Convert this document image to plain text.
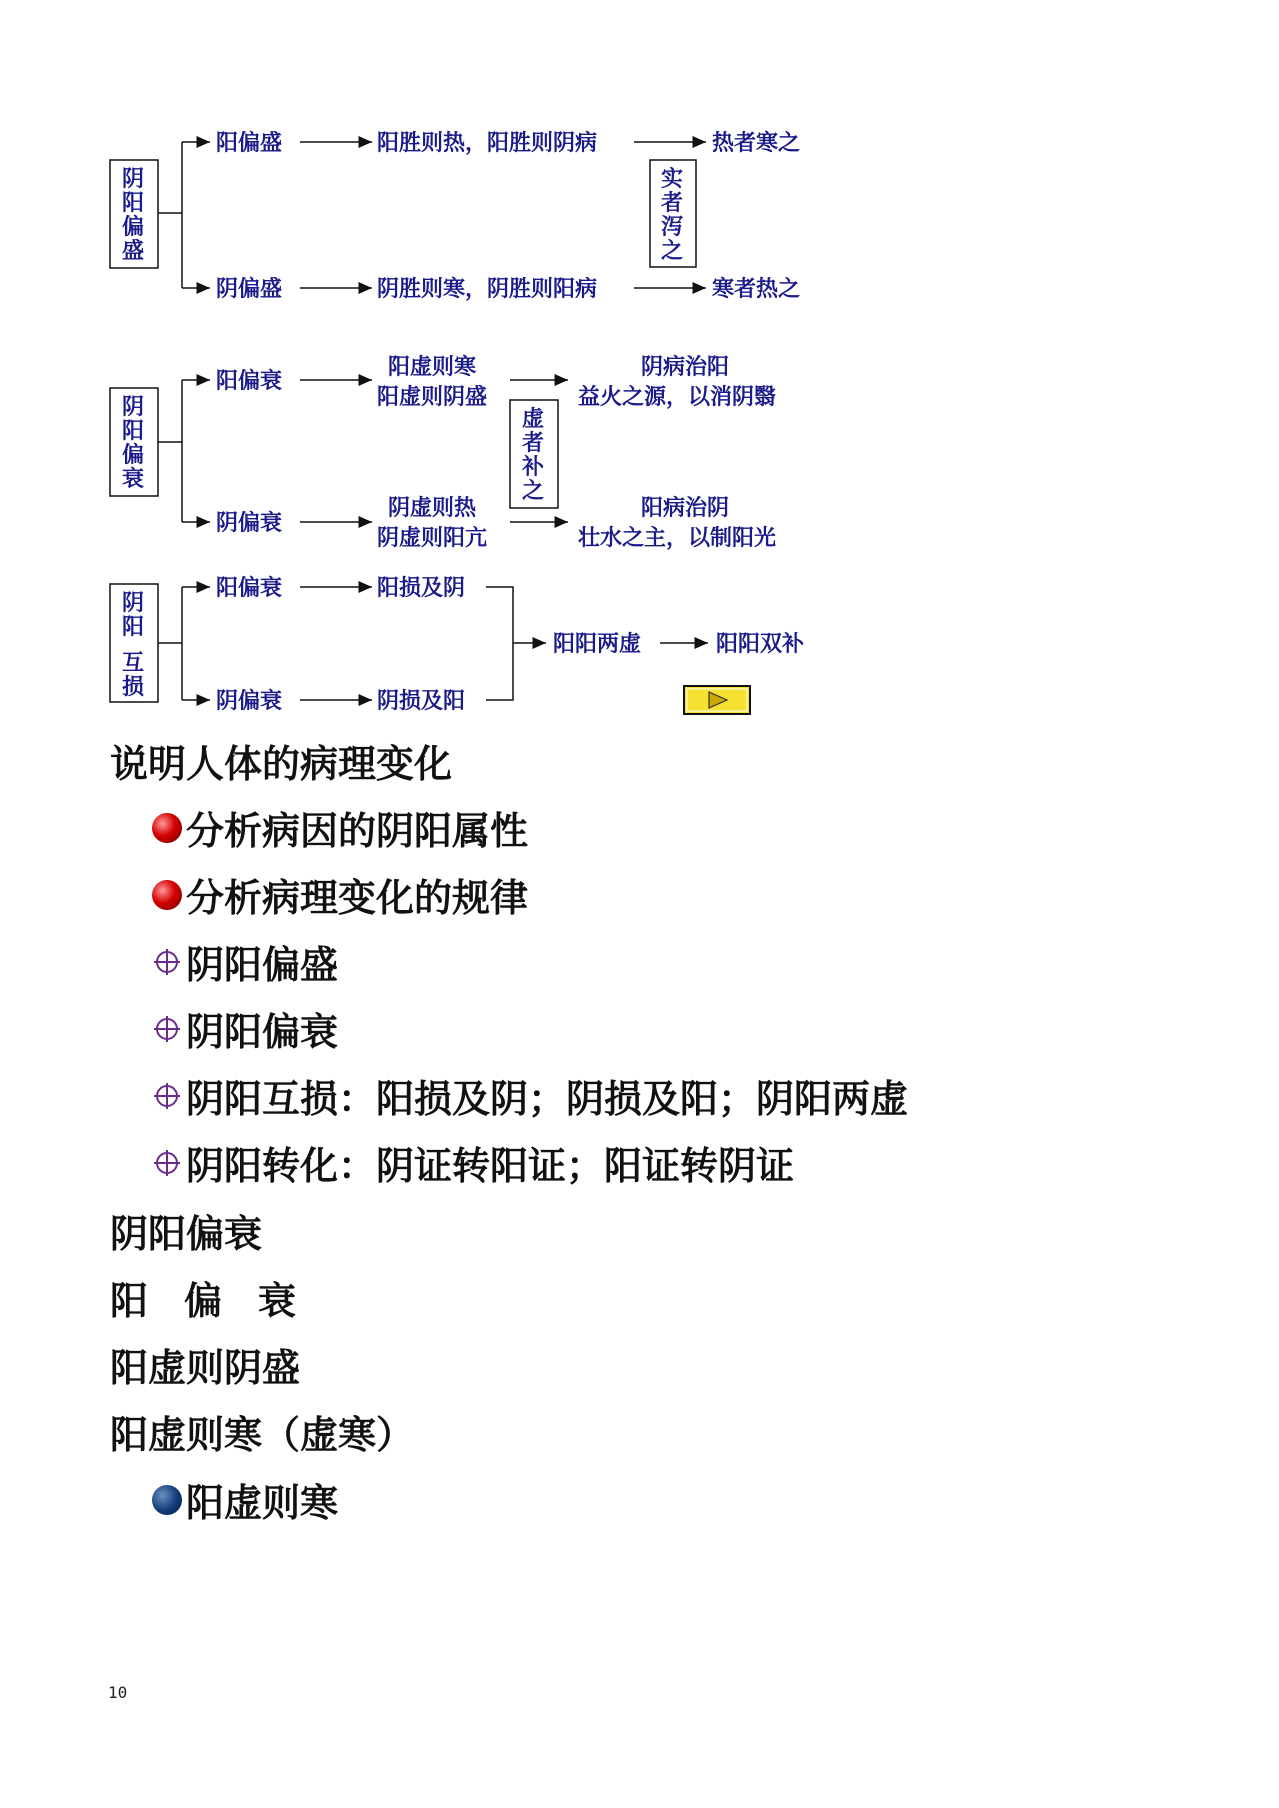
阴
阳
偏
盛
阳偏盛	阳胜则热，阳胜则阴病	热者寒之
阴偏盛	阴胜则寒，阴胜则阳病	寒者热之
实
者
泻
之
阴
阳
偏
衰
阳偏衰
阳虚则寒
阳虚则阴盛
阴病治阳
益火之源，以消阴翳
阴偏衰
阴虚则热
阴虚则阳亢
阳病治阴
壮水之主，以制阳光
虚
者
补
之
阴
阳
互
损
阳偏衰	阳损及阴
阴偏衰	阴损及阳
阳阳两虚	阳阳双补
说明人体的病理变化
分析病因的阴阳属性
分析病理变化的规律
阴阳偏盛
阴阳偏衰
阴阳互损：阳损及阴；阴损及阳；阴阳两虚
阴阳转化：阴证转阳证；阳证转阴证
阴阳偏衰
阳 偏 衰
阳虚则阴盛
阳虚则寒（虚寒）
阳虚则寒
10
